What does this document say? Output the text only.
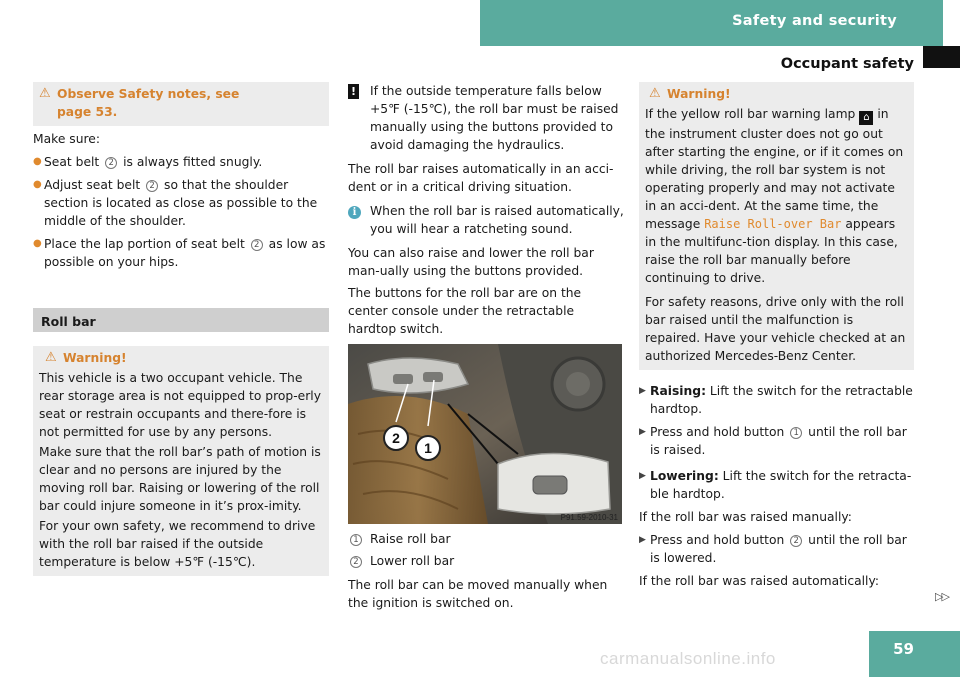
Safety and security
Occupant safety
⚠ Observe Safety notes, see
page 53.
Make sure:
● Seat belt 2 is always fitted snugly.
● Adjust seat belt 2 so that the shoulder section is located as close as possible to the middle of the shoulder.
● Place the lap portion of seat belt 2 as low as possible on your hips.
Roll bar
⚠ Warning!
This vehicle is a two occupant vehicle. The rear storage area is not equipped to prop-erly seat or restrain occupants and there-fore is not permitted for use by any persons.
Make sure that the roll bar’s path of motion is clear and no persons are injured by the moving roll bar. Raising or lowering of the roll bar could injure someone in it’s prox-imity.
For your own safety, we recommend to drive with the roll bar raised if the outside temperature is below +5℉ (-15℃).
!	If the outside temperature falls below +5℉ (-15℃), the roll bar must be raised manually using the buttons provided to avoid damaging the hydraulics.
The roll bar raises automatically in an acci-dent or in a critical driving situation.
i	When the roll bar is raised automatically, you will hear a ratcheting sound.
You can also raise and lower the roll bar man-ually using the buttons provided.
The buttons for the roll bar are on the center console under the retractable hardtop switch.
2
1
P91.59-2010-31
1 Raise roll bar
2 Lower roll bar
The roll bar can be moved manually when the ignition is switched on.
⚠ Warning!
If the yellow roll bar warning lamp ⌂ in the instrument cluster does not go out after starting the engine, or if it comes on while driving, the roll bar system is not operating properly and may not activate in an acci-dent. At the same time, the message Raise Roll-over Bar appears in the multifunc-tion display. In this case, raise the roll bar manually before continuing to drive.
For safety reasons, drive only with the roll bar raised until the malfunction is repaired. Have your vehicle checked at an authorized Mercedes-Benz Center.
▶ Raising: Lift the switch for the retractable hardtop.
▶ Press and hold button 1 until the roll bar is raised.
▶ Lowering: Lift the switch for the retracta-ble hardtop.
If the roll bar was raised manually:
▶ Press and hold button 2 until the roll bar is lowered.
If the roll bar was raised automatically:
▷▷
59
carmanualsonline.info
